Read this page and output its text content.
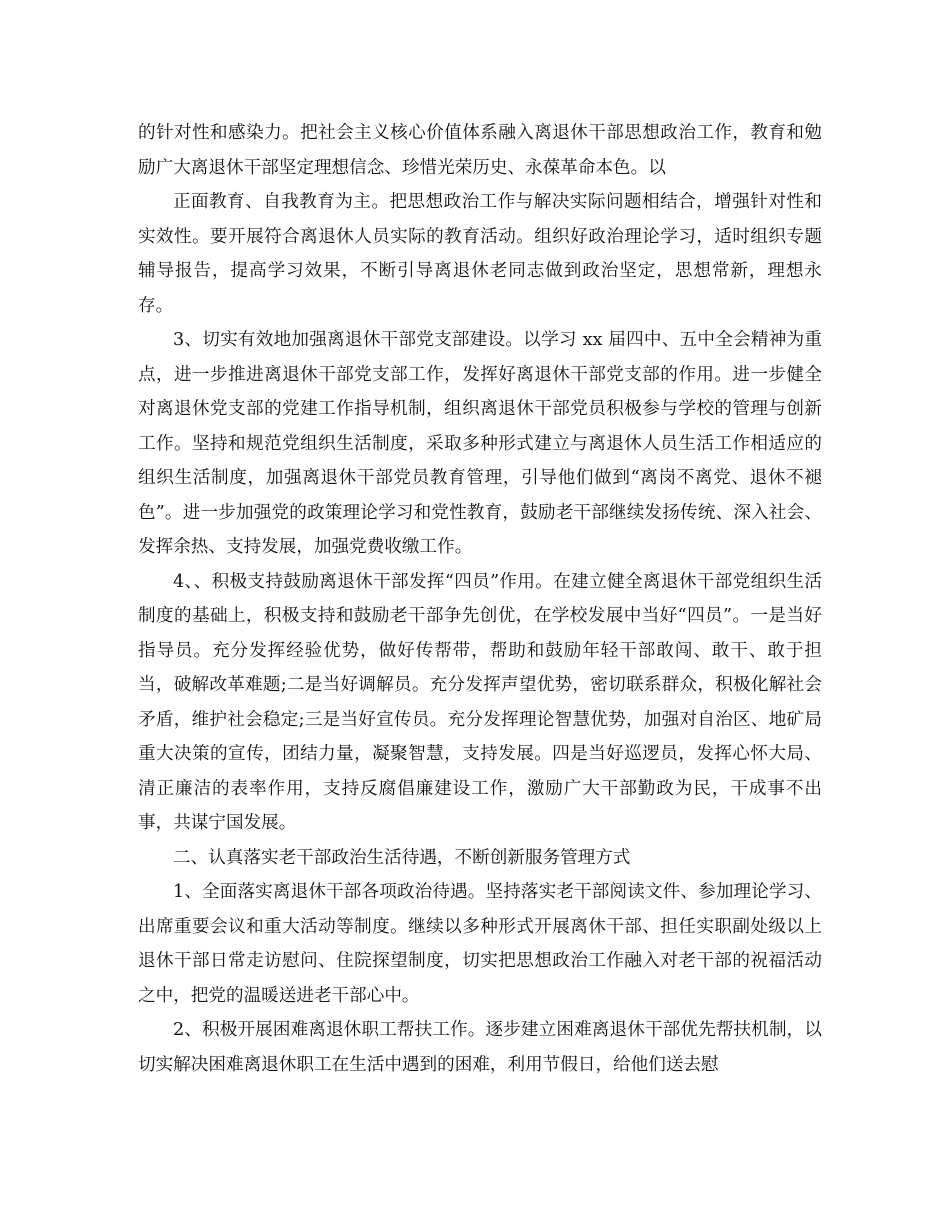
的针对性和感染力。把社会主义核心价值体系融入离退休干部思想政治工作，教育和勉励广大离退休干部坚定理想信念、珍惜光荣历史、永葆革命本色。以

正面教育、自我教育为主。把思想政治工作与解决实际问题相结合，增强针对性和实效性。要开展符合离退休人员实际的教育活动。组织好政治理论学习，适时组织专题辅导报告，提高学习效果，不断引导离退休老同志做到政治坚定，思想常新，理想永存。

3、切实有效地加强离退休干部党支部建设。以学习 xx 届四中、五中全会精神为重点，进一步推进离退休干部党支部工作，发挥好离退休干部党支部的作用。进一步健全对离退休党支部的党建工作指导机制，组织离退休干部党员积极参与学校的管理与创新工作。坚持和规范党组织生活制度，采取多种形式建立与离退休人员生活工作相适应的组织生活制度，加强离退休干部党员教育管理，引导他们做到“离岗不离党、退休不褪色”。进一步加强党的政策理论学习和党性教育，鼓励老干部继续发扬传统、深入社会、发挥余热、支持发展，加强党费收缴工作。

4、、积极支持鼓励离退休干部发挥“四员”作用。在建立健全离退休干部党组织生活制度的基础上，积极支持和鼓励老干部争先创优，在学校发展中当好“四员”。一是当好指导员。充分发挥经验优势，做好传帮带，帮助和鼓励年轻干部敢闯、敢干、敢于担当，破解改革难题;二是当好调解员。充分发挥声望优势，密切联系群众，积极化解社会矛盾，维护社会稳定;三是当好宣传员。充分发挥理论智慧优势，加强对自治区、地矿局重大决策的宣传，团结力量，凝聚智慧，支持发展。四是当好巡逻员，发挥心怀大局、清正廉洁的表率作用，支持反腐倡廉建设工作，激励广大干部勤政为民，干成事不出事，共谋宁国发展。

二、认真落实老干部政治生活待遇，不断创新服务管理方式

1、全面落实离退休干部各项政治待遇。坚持落实老干部阅读文件、参加理论学习、出席重要会议和重大活动等制度。继续以多种形式开展离休干部、担任实职副处级以上退休干部日常走访慰问、住院探望制度，切实把思想政治工作融入对老干部的祝福活动之中，把党的温暖送进老干部心中。

2、积极开展困难离退休职工帮扶工作。逐步建立困难离退休干部优先帮扶机制，以切实解决困难离退休职工在生活中遇到的困难，利用节假日，给他们送去慰
